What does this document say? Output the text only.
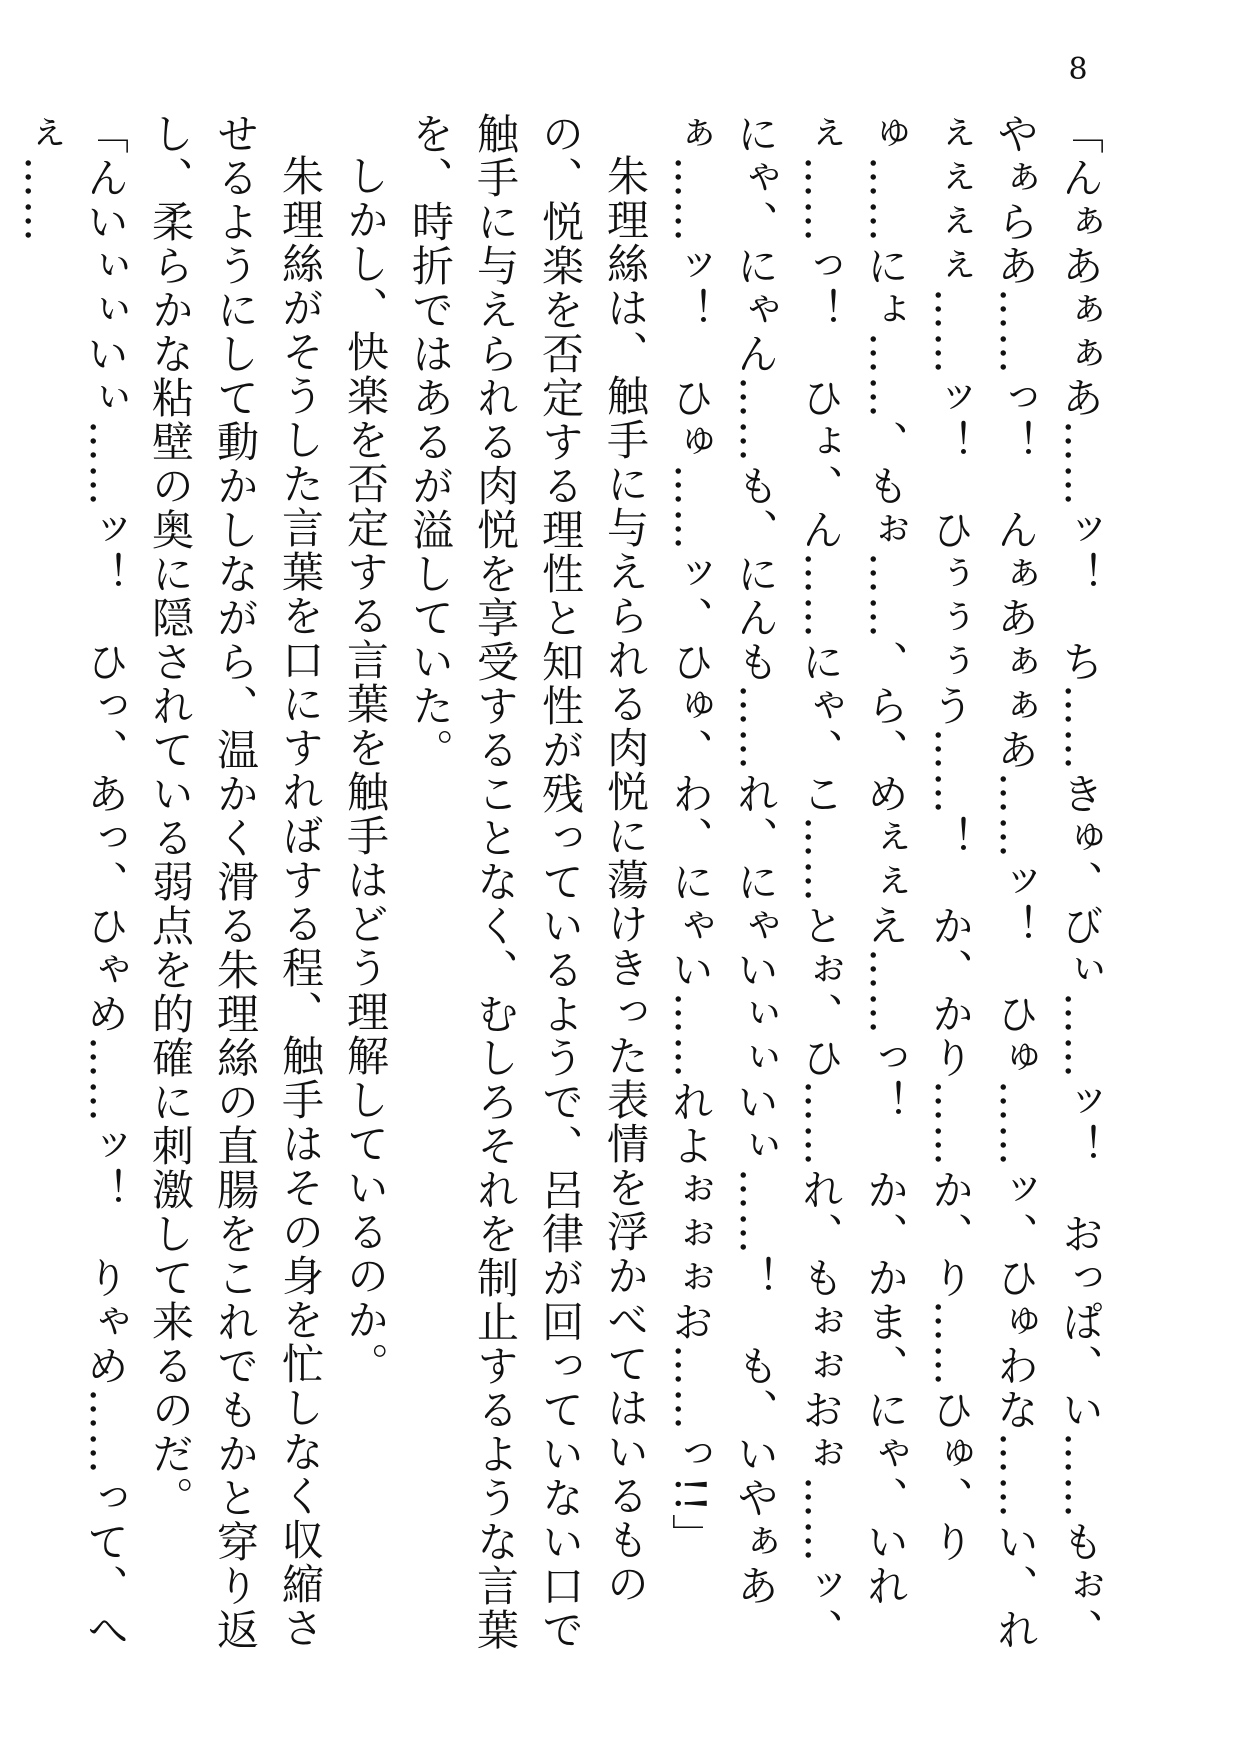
8

「んぁあぁぁあ……ッ！　ち……きゅ、びぃ……ッ！　おっぱ、い……もぉ、やぁらあ……っ！　んぁあぁぁあ……ッ！　ひゅ……ッ、ひゅわな……い、れぇぇぇぇ……ッ！　ひぅぅぅう……！　か、かり……か、り……ひゅ、りゅ……にょ……、もぉ……、ら、めぇぇえ……っ！　か、かま、にゃ、いれぇ……っ！　ひょ、ん……にゃ、こ……とぉ、ひ……れ、もぉぉおぉ……ッ、にゃ、にゃん……も、にんも……れ、にゃいぃぃいぃ……！　も、いやぁあぁ……ッ！　ひゅ……ッ、ひゅ、わ、にゃい……れよぉぉぉお……っ!!」

朱理絲は、触手に与えられる肉悦に蕩けきった表情を浮かべてはいるものの、悦楽を否定する理性と知性が残っているようで、呂律が回っていない口で触手に与えられる肉悦を享受することなく、むしろそれを制止するような言葉を、時折ではあるが溢していた。

しかし、快楽を否定する言葉を触手はどう理解しているのか。

朱理絲がそうした言葉を口にすればする程、触手はその身を忙しなく収縮させるようにして動かしながら、温かく滑る朱理絲の直腸をこれでもかと穿り返し、柔らかな粘壁の奥に隠されている弱点を的確に刺激して来るのだ。

「んいぃぃいぃ……ッ！　ひっ、あっ、ひゃめ……ッ！　りゃめ……って、へぇ……
